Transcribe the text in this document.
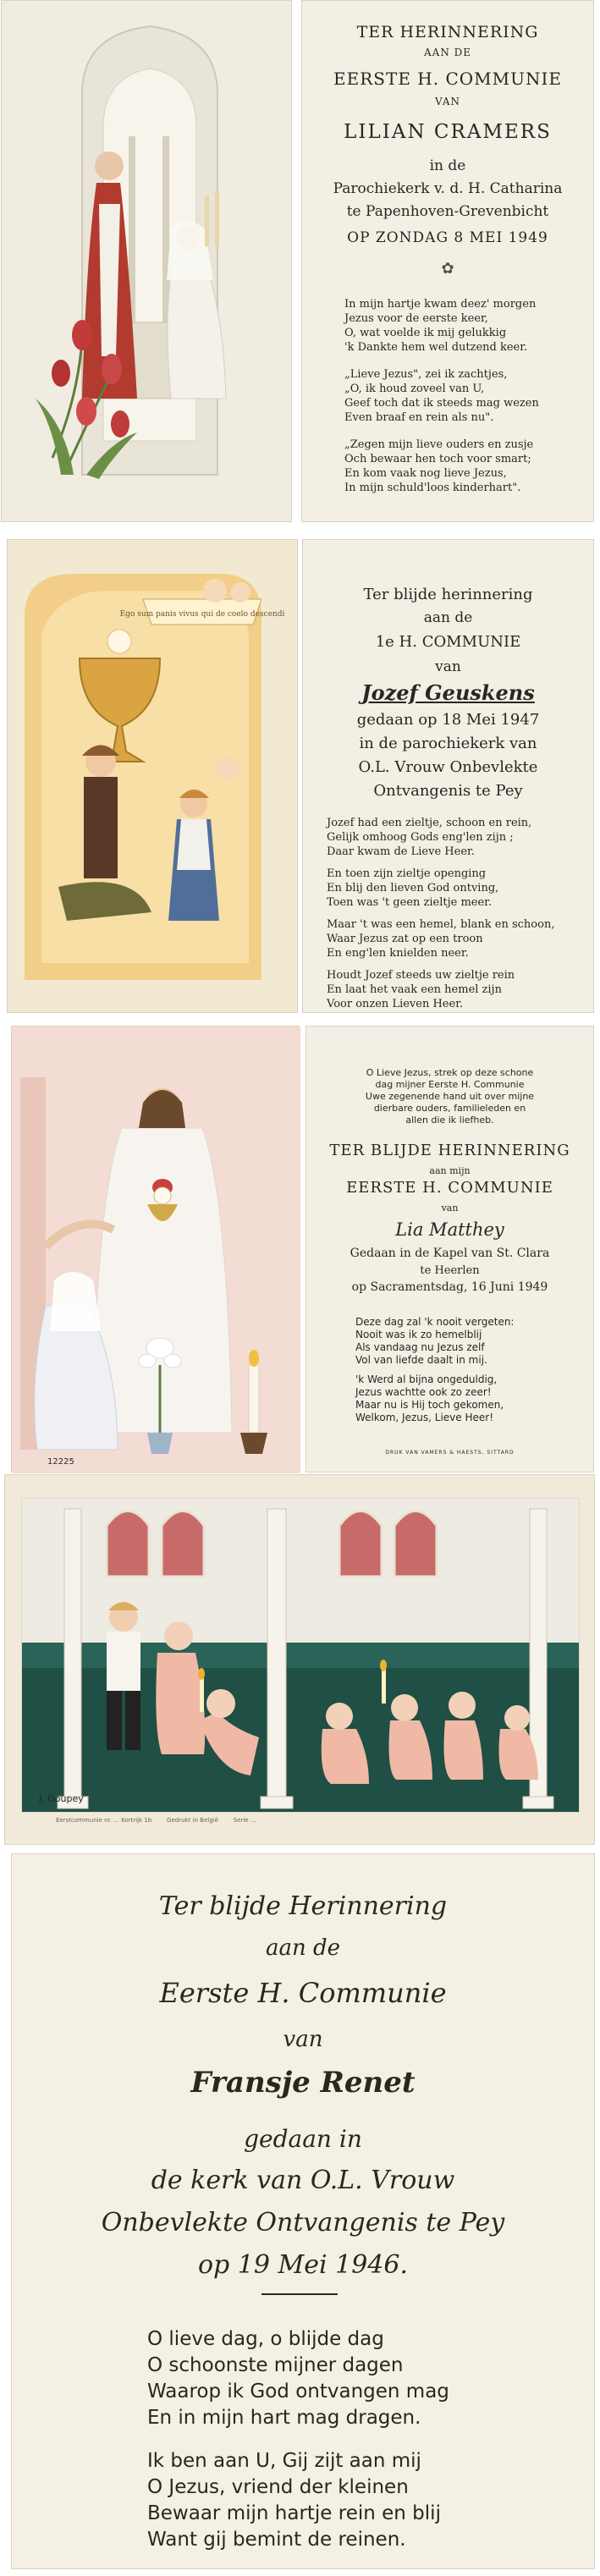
TER HERINNERING
AAN DE
EERSTE H. COMMUNIE
VAN
LILIAN CRAMERS
in de
Parochiekerk v. d. H. Catharina
te Papenhoven-Grevenbicht
OP ZONDAG 8 MEI 1949
✿
In mijn hartje kwam deez' morgen
Jezus voor de eerste keer,
O, wat voelde ik mij gelukkig
'k Dankte hem wel dutzend keer.
„Lieve Jezus", zei ik zachtjes,
„O, ik houd zoveel van U,
Geef toch dat ik steeds mag wezen
Even braaf en rein als nu".
„Zegen mijn lieve ouders en zusje
Och bewaar hen toch voor smart;
En kom vaak nog lieve Jezus,
In mijn schuld'loos kinderhart".
Ego sum panis vivus qui de coelo descendi
Ter blijde herinnering
aan de
1e H. COMMUNIE
van
Jozef Geuskens
gedaan op 18 Mei 1947
in de parochiekerk van
O.L. Vrouw Onbevlekte
Ontvangenis te Pey
Jozef had een zieltje, schoon en rein,
Gelijk omhoog Gods eng'len zijn ;
Daar kwam de Lieve Heer.
En toen zijn zieltje openging
En blij den lieven God ontving,
Toen was 't geen zieltje meer.
Maar 't was een hemel, blank en schoon,
Waar Jezus zat op een troon
En eng'len knielden neer.
Houdt Jozef steeds uw zieltje rein
En laat het vaak een hemel zijn
Voor onzen Lieven Heer.
12225
O Lieve Jezus, strek op deze schone
dag mijner Eerste H. Communie
Uwe zegenende hand uit over mijne
dierbare ouders, familieleden en
allen die ik liefheb.
TER BLIJDE HERINNERING
aan mijn
EERSTE H. COMMUNIE
van
Lia Matthey
Gedaan in de Kapel van St. Clara
te Heerlen
op Sacramentsdag, 16 Juni 1949
Deze dag zal 'k nooit vergeten:
Nooit was ik zo hemelblij
Als vandaag nu Jezus zelf
Vol van liefde daalt in mij.
'k Werd al bijna ongeduldig,
Jezus wachtte ook zo zeer!
Maar nu is Hij toch gekomen,
Welkom, Jezus, Lieve Heer!
DRUK VAN VAMERS & HAESTS, SITTARD
J. Goupey
Eerstcommunie nr. ... Kortrijk 1b        Gedrukt in België        Serie ...
Ter blijde Herinnering
aan de
Eerste H. Communie
van
Fransje Renet
gedaan in
de kerk van O.L. Vrouw
Onbevlekte Ontvangenis te Pey
op 19 Mei 1946.
O lieve dag, o blijde dag
O schoonste mijner dagen
Waarop ik God ontvangen mag
En in mijn hart mag dragen.
Ik ben aan U, Gij zijt aan mij
O Jezus, vriend der kleinen
Bewaar mijn hartje rein en blij
Want gij bemint de reinen.
